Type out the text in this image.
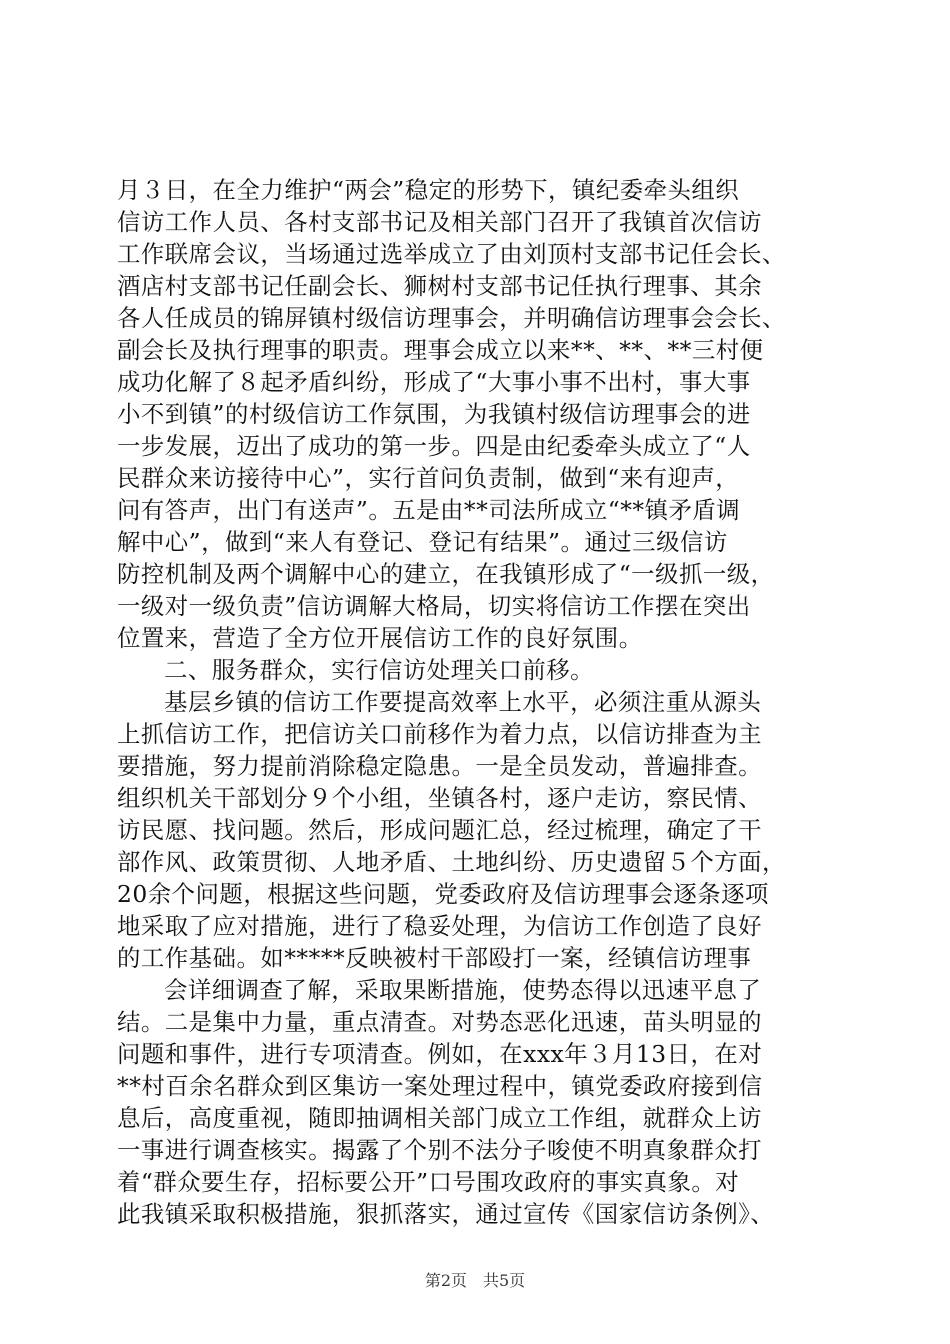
月３日，在全力维护“两会”稳定的形势下，镇纪委牵头组织
信访工作人员、各村支部书记及相关部门召开了我镇首次信访
工作联席会议，当场通过选举成立了由刘顶村支部书记任会长、
酒店村支部书记任副会长、狮树村支部书记任执行理事、其余
各人任成员的锦屏镇村级信访理事会，并明确信访理事会会长、
副会长及执行理事的职责。理事会成立以来**、**、**三村便
成功化解了８起矛盾纠纷，形成了“大事小事不出村，事大事
小不到镇”的村级信访工作氛围，为我镇村级信访理事会的进
一步发展，迈出了成功的第一步。四是由纪委牵头成立了“人
民群众来访接待中心”，实行首问负责制，做到“来有迎声，
问有答声，出门有送声”。五是由**司法所成立“**镇矛盾调
解中心”，做到“来人有登记、登记有结果”。通过三级信访
防控机制及两个调解中心的建立，在我镇形成了“一级抓一级，
一级对一级负责”信访调解大格局，切实将信访工作摆在突出
位置来，营造了全方位开展信访工作的良好氛围。
二、服务群众，实行信访处理关口前移。
基层乡镇的信访工作要提高效率上水平，必须注重从源头
上抓信访工作，把信访关口前移作为着力点，以信访排查为主
要措施，努力提前消除稳定隐患。一是全员发动，普遍排查。
组织机关干部划分９个小组，坐镇各村，逐户走访，察民情、
访民愿、找问题。然后，形成问题汇总，经过梳理，确定了干
部作风、政策贯彻、人地矛盾、土地纠纷、历史遗留５个方面，
20余个问题，根据这些问题，党委政府及信访理事会逐条逐项
地采取了应对措施，进行了稳妥处理，为信访工作创造了良好
的工作基础。如*****反映被村干部殴打一案，经镇信访理事
会详细调查了解，采取果断措施，使势态得以迅速平息了
结。二是集中力量，重点清查。对势态恶化迅速，苗头明显的
问题和事件，进行专项清查。例如，在xxx年３月13日，在对
**村百余名群众到区集访一案处理过程中，镇党委政府接到信
息后，高度重视，随即抽调相关部门成立工作组，就群众上访
一事进行调查核实。揭露了个别不法分子唆使不明真象群众打
着“群众要生存，招标要公开”口号围攻政府的事实真象。对
此我镇采取积极措施，狠抓落实，通过宣传《国家信访条例》、
第2页　共5页
